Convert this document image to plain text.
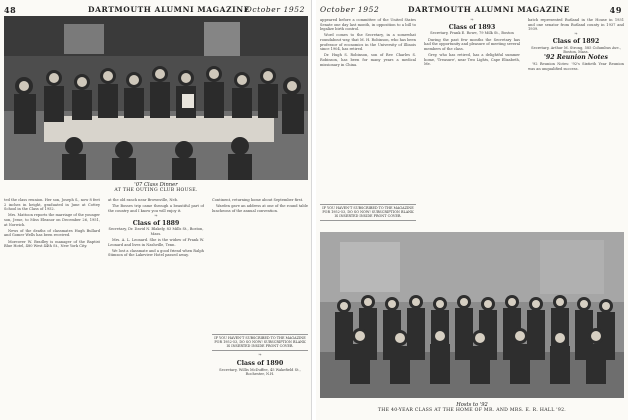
48	DARTMOUTH ALUMNI MAGAZINE
October 1952
'07 Class Dinner
AT THE OUTING CLUB HOUSE.

ted the class reunion. Her son, Joseph S., now 8 feet 2 inches in height, graduated in June at Cottey School in the Class of 1952.

Mrs. Mattoon reports the marriage of the younger son, Jesse, to Miss Eleanor on December 26, 1951, at Norwich.

News of the deaths of classmates Hugh Bullard and Gomer Wells has been received.

Moreover W. Bradley is manager of the Baptist Blue Hotel, 480 West 44th St., New York City.

at the old ranch near Brownville, Neb.

The Bosses trip came through a beautiful part of the country and I know you will enjoy it.

❧
Class of 1889
Secretary, Dr. David N. Blakely, 83 Mills St., Boston, Mass.

Mrs. A. L. Leonard. She is the widow of Frank W. Leonard and lives in Nashville, Tenn.

We lost a classmate and a good friend when Ralph Stimson of the Lakeview Hotel passed away.

Continent, returning home about September first.

Warden gave an address at one of the round table luncheons of the annual convention.

IF YOU HAVEN'T SUBSCRIBED TO THE MAGAZINE FOR 1952-53, DO SO NOW! SUBSCRIPTION BLANK IS INSERTED INSIDE FRONT COVER.
❧
Class of 1890
Secretary, Willis McDuffee, 45 Wakefield St., Rochester, N.H.
October 1952	DARTMOUTH ALUMNI MAGAZINE	49

appeared before a committee of the United States Senate one day last month, in opposition to a bill to legalize birth control.

Word comes to the Secretary, in a somewhat roundabout way, that M. H. Robinson, who has been professor of economics in the University of Illinois since 1904, has retired.

Dr. Hugh S. Robinson, son of Rev. Charles S. Robinson, has been for many years a medical missionary in China.

❧
Class of 1893
Secretary, Frank E. Rowe, 79 Milk St., Boston

During the past few months the Secretary has had the opportunity and pleasure of meeting several members of the class.

Grey, who has retired, has a delightful summer home, 'Treasure', near Two Lights, Cape Elizabeth, Me.

IF YOU HAVEN'T SUBSCRIBED TO THE MAGAZINE FOR 1952-53, DO SO NOW! SUBSCRIPTION BLANK IS INSERTED INSIDE FRONT COVER.

batch represented Rutland in the House in 1931 and one senator from Rutland county in 1937 and 1939.

❧
Class of 1892
Secretary, Arthur M. Strong, 585 Columbus Ave., Boston, Mass.
'92 Reunion Notes

'92 Reunion Notes: '92's Sixtieth Year Reunion was an unqualified success.

Hosts to '92
THE 40-YEAR CLASS AT THE HOME OF MR. AND MRS. E. R. HALL '92.
